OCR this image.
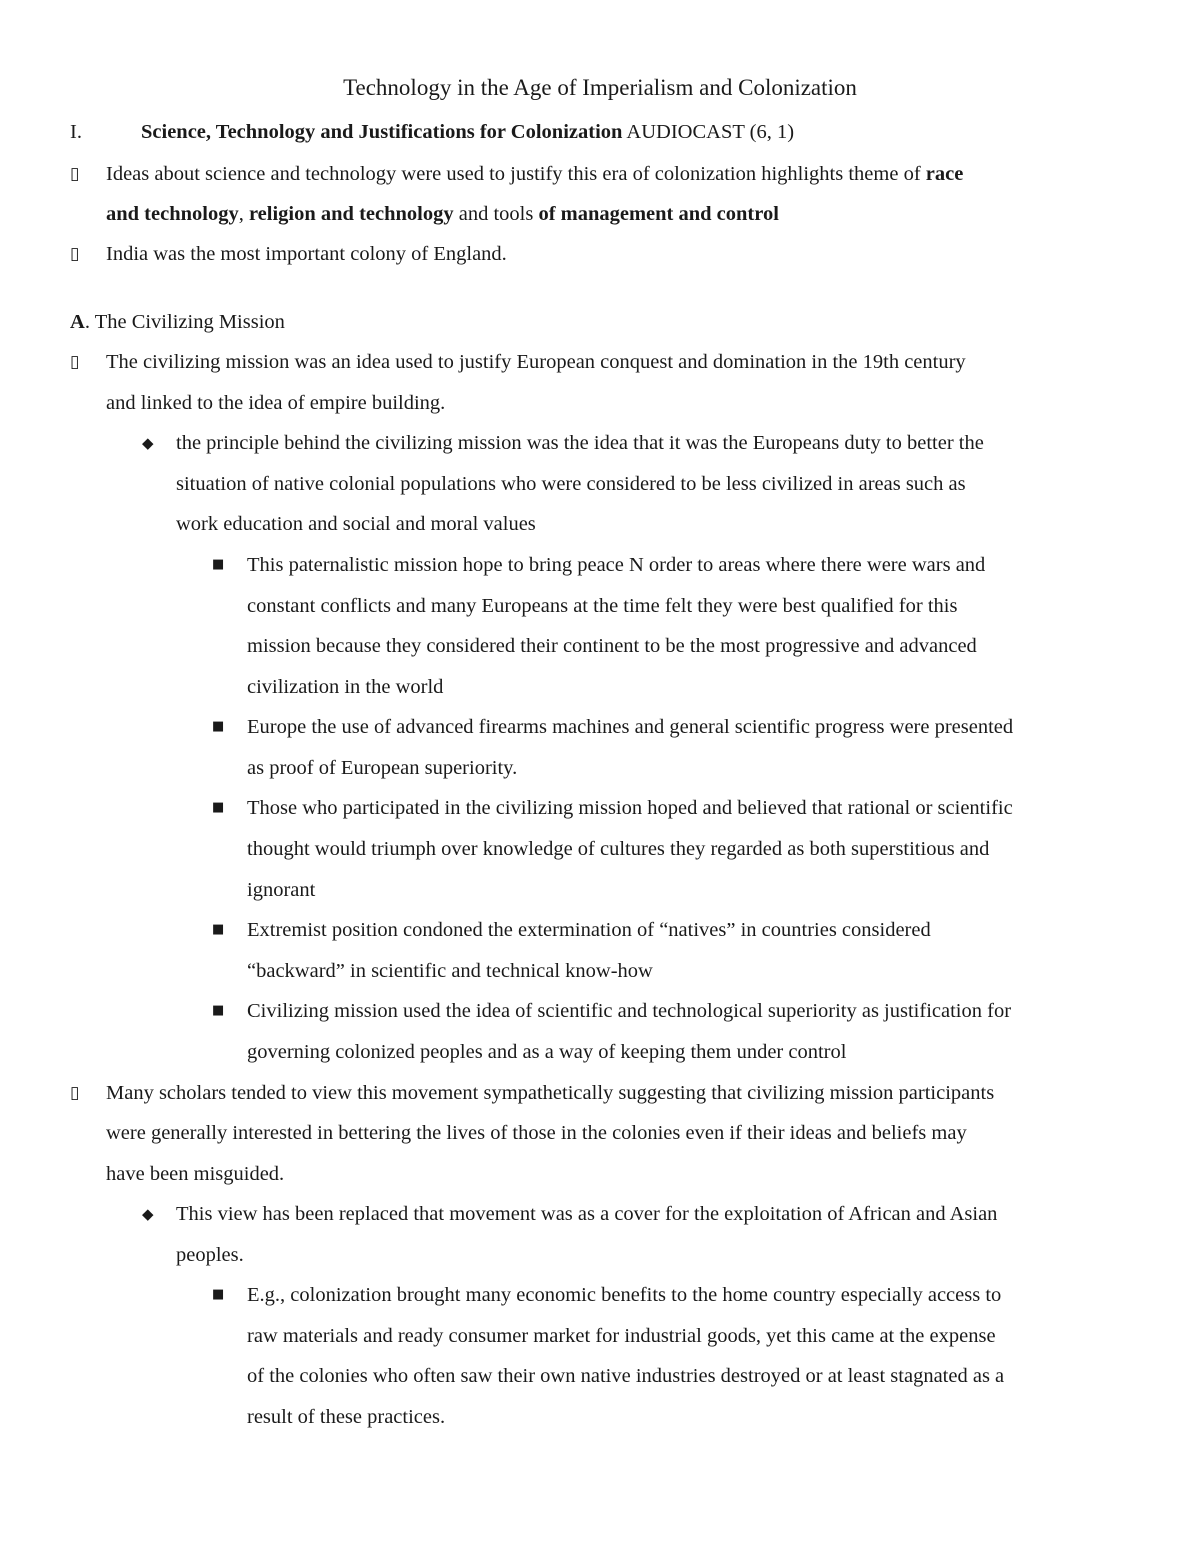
Technology in the Age of Imperialism and Colonization
I.	Science, Technology and Justifications for Colonization AUDIOCAST (6, 1)
▯ Ideas about science and technology were used to justify this era of colonization highlights theme of race
and technology, religion and technology and tools of management and control
▯ India was the most important colony of England.
A. The Civilizing Mission
▯ The civilizing mission was an idea used to justify European conquest and domination in the 19th century
and linked to the idea of empire building.
◆ the principle behind the civilizing mission was the idea that it was the Europeans duty to better the
situation of native colonial populations who were considered to be less civilized in areas such as
work education and social and moral values
■ This paternalistic mission hope to bring peace N order to areas where there were wars and
constant conflicts and many Europeans at the time felt they were best qualified for this
mission because they considered their continent to be the most progressive and advanced
civilization in the world
■ Europe the use of advanced firearms machines and general scientific progress were presented
as proof of European superiority.
■ Those who participated in the civilizing mission hoped and believed that rational or scientific
thought would triumph over knowledge of cultures they regarded as both superstitious and
ignorant
■ Extremist position condoned the extermination of “natives” in countries considered
“backward” in scientific and technical know-how
■ Civilizing mission used the idea of scientific and technological superiority as justification for
governing colonized peoples and as a way of keeping them under control
▯ Many scholars tended to view this movement sympathetically suggesting that civilizing mission participants
were generally interested in bettering the lives of those in the colonies even if their ideas and beliefs may
have been misguided.
◆ This view has been replaced that movement was as a cover for the exploitation of African and Asian
peoples.
■ E.g., colonization brought many economic benefits to the home country especially access to
raw materials and ready consumer market for industrial goods, yet this came at the expense
of the colonies who often saw their own native industries destroyed or at least stagnated as a
result of these practices.
